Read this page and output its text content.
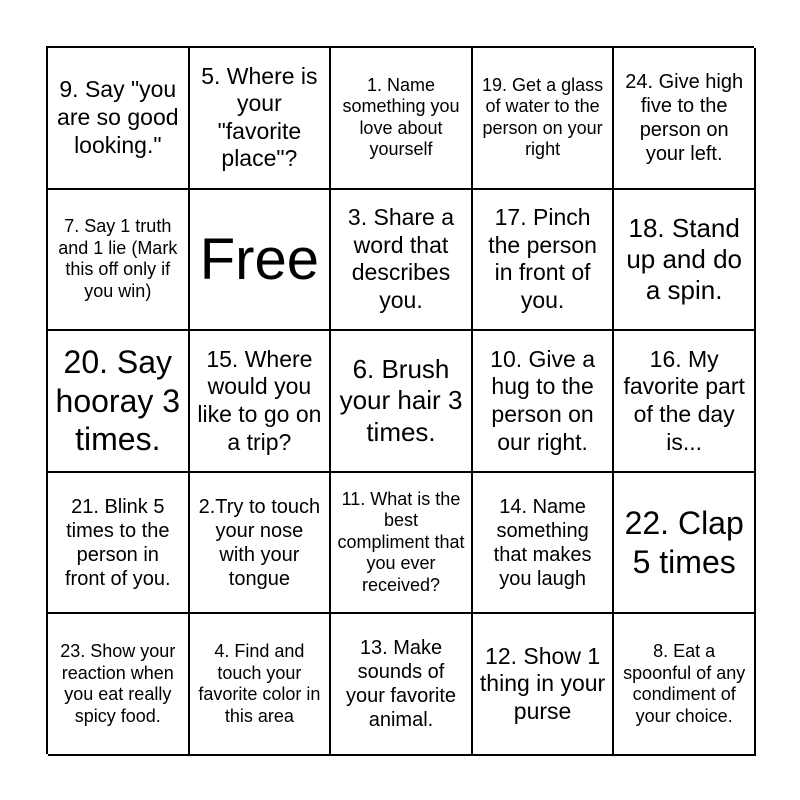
9. Say "you are so good looking."
5. Where is your "favorite place"?
1. Name something you love about yourself
19. Get a glass of water to the person on your right
24. Give high five to the person on your left.
7. Say 1 truth and 1 lie (Mark this off only if you win) Free
3. Share a word that describes you.
17. Pinch the person in front of you.
18. Stand up and do a spin.
20. Say hooray 3 times.
15. Where would you like to go on a trip?
6. Brush your hair 3 times.
10. Give a hug to the person on our right.
16. My favorite part of the day is...
21. Blink 5 times to the person in front of you.
2.Try to touch your nose with your tongue
11. What is the best compliment that you ever received?
14. Name something that makes you laugh
22. Clap 5 times
23. Show your reaction when you eat really spicy food.
4. Find and touch your favorite color in this area
13. Make sounds of your favorite animal.
12. Show 1 thing in your purse
8. Eat a spoonful of any condiment of your choice.
